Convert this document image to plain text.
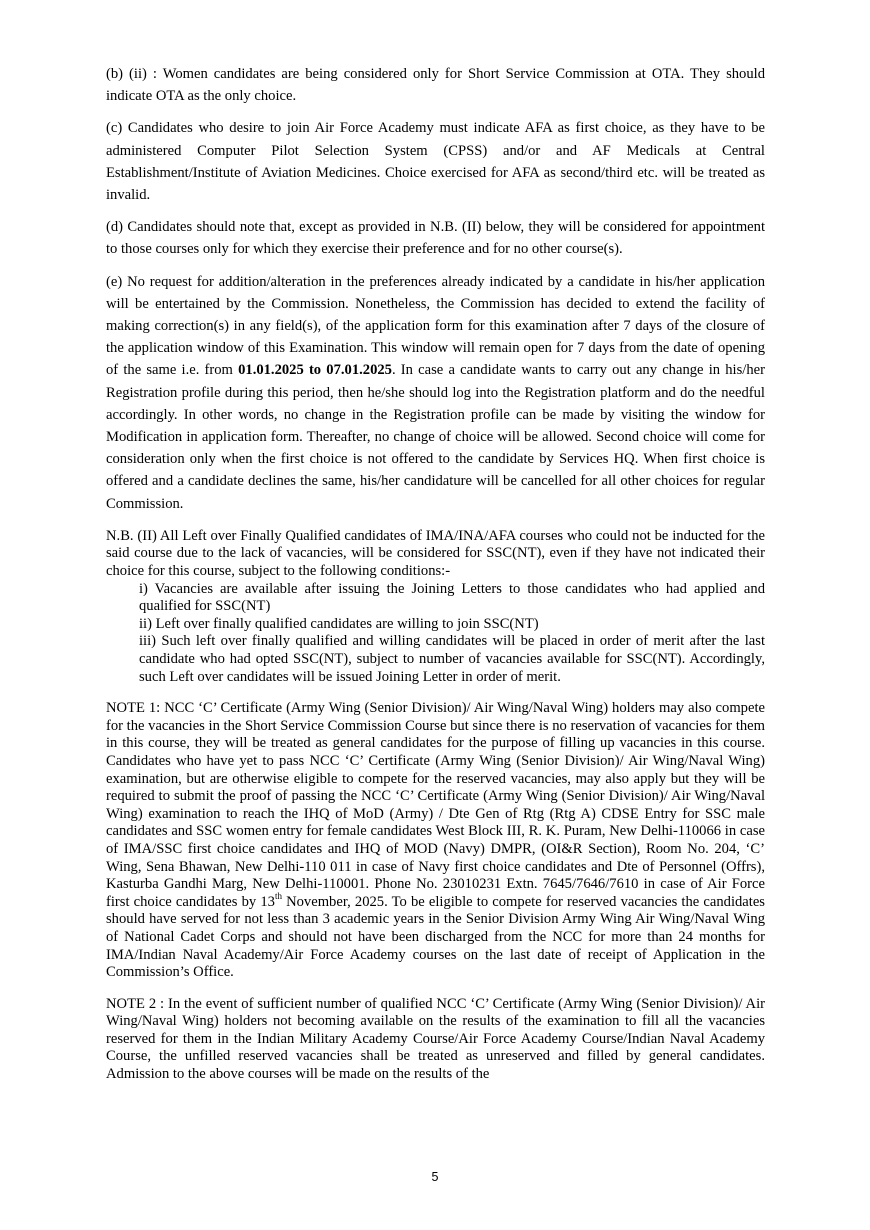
(b) (ii) : Women candidates are being considered only for Short Service Commission at OTA. They should indicate OTA as the only choice.

(c) Candidates who desire to join Air Force Academy must indicate AFA as first choice, as they have to be administered Computer Pilot Selection System (CPSS) and/or and AF Medicals at Central Establishment/Institute of Aviation Medicines. Choice exercised for AFA as second/third etc. will be treated as invalid.

(d) Candidates should note that, except as provided in N.B. (II) below, they will be considered for appointment to those courses only for which they exercise their preference and for no other course(s).

(e) No request for addition/alteration in the preferences already indicated by a candidate in his/her application will be entertained by the Commission. Nonetheless, the Commission has decided to extend the facility of making correction(s) in any field(s), of the application form for this examination after 7 days of the closure of the application window of this Examination. This window will remain open for 7 days from the date of opening of the same i.e. from 01.01.2025 to 07.01.2025. In case a candidate wants to carry out any change in his/her Registration profile during this period, then he/she should log into the Registration platform and do the needful accordingly. In other words, no change in the Registration profile can be made by visiting the window for Modification in application form. Thereafter, no change of choice will be allowed. Second choice will come for consideration only when the first choice is not offered to the candidate by Services HQ. When first choice is offered and a candidate declines the same, his/her candidature will be cancelled for all other choices for regular Commission.

N.B. (II) All Left over Finally Qualified candidates of IMA/INA/AFA courses who could not be inducted for the said course due to the lack of vacancies, will be considered for SSC(NT), even if they have not indicated their choice for this course, subject to the following conditions:-

i) Vacancies are available after issuing the Joining Letters to those candidates who had applied and qualified for SSC(NT)

ii) Left over finally qualified candidates are willing to join SSC(NT)

iii) Such left over finally qualified and willing candidates will be placed in order of merit after the last candidate who had opted SSC(NT), subject to number of vacancies available for SSC(NT). Accordingly, such Left over candidates will be issued Joining Letter in order of merit.

NOTE 1: NCC ‘C’ Certificate (Army Wing (Senior Division)/ Air Wing/Naval Wing) holders may also compete for the vacancies in the Short Service Commission Course but since there is no reservation of vacancies for them in this course, they will be treated as general candidates for the purpose of filling up vacancies in this course. Candidates who have yet to pass NCC ‘C’ Certificate (Army Wing (Senior Division)/ Air Wing/Naval Wing) examination, but are otherwise eligible to compete for the reserved vacancies, may also apply but they will be required to submit the proof of passing the NCC ‘C’ Certificate (Army Wing (Senior Division)/ Air Wing/Naval Wing) examination to reach the IHQ of MoD (Army) / Dte Gen of Rtg (Rtg A) CDSE Entry for SSC male candidates and SSC women entry for female candidates West Block III, R. K. Puram, New Delhi-110066 in case of IMA/SSC first choice candidates and IHQ of MOD (Navy) DMPR, (OI&R Section), Room No. 204, ‘C’ Wing, Sena Bhawan, New Delhi-110 011 in case of Navy first choice candidates and Dte of Personnel (Offrs), Kasturba Gandhi Marg, New Delhi-110001. Phone No. 23010231 Extn. 7645/7646/7610 in case of Air Force first choice candidates by 13th November, 2025. To be eligible to compete for reserved vacancies the candidates should have served for not less than 3 academic years in the Senior Division Army Wing Air Wing/Naval Wing of National Cadet Corps and should not have been discharged from the NCC for more than 24 months for IMA/Indian Naval Academy/Air Force Academy courses on the last date of receipt of Application in the Commission’s Office.

NOTE 2 : In the event of sufficient number of qualified NCC ‘C’ Certificate (Army Wing (Senior Division)/ Air Wing/Naval Wing) holders not becoming available on the results of the examination to fill all the vacancies reserved for them in the Indian Military Academy Course/Air Force Academy Course/Indian Naval Academy Course, the unfilled reserved vacancies shall be treated as unreserved and filled by general candidates. Admission to the above courses will be made on the results of the

5
